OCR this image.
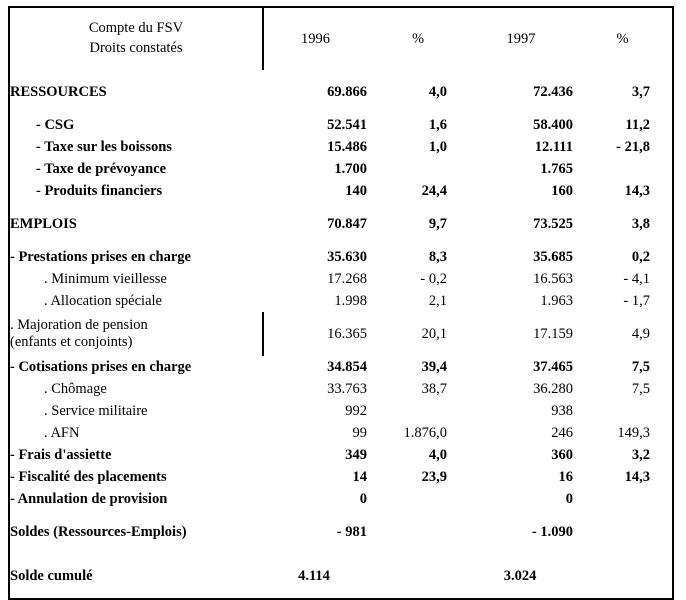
Compte du FSV
Droits constatés	1996	%	1997	%
RESSOURCES	69.866	4,0	72.436	3,7
- CSG	52.541	1,6	58.400	11,2
- Taxe sur les boissons	15.486	1,0	12.111	- 21,8
- Taxe de prévoyance	1.700		1.765	
- Produits financiers	140	24,4	160	14,3
EMPLOIS	70.847	9,7	73.525	3,8
- Prestations prises en charge	35.630	8,3	35.685	0,2
. Minimum vieillesse	17.268	- 0,2	16.563	- 4,1
. Allocation spéciale	1.998	2,1	1.963	- 1,7

. Majoration de pension
(enfants et conjoints)	16.365	20,1	17.159	4,9
- Cotisations prises en charge	34.854	39,4	37.465	7,5
. Chômage	33.763	38,7	36.280	7,5
. Service militaire	992		938	
. AFN	99	1.876,0	246	149,3
- Frais d'assiette	349	4,0	360	3,2
- Fiscalité des placements	14	23,9	16	14,3
- Annulation de provision	0		0	
Soldes (Ressources-Emplois)	- 981		- 1.090	
Solde cumulé	4.114		3.024	
